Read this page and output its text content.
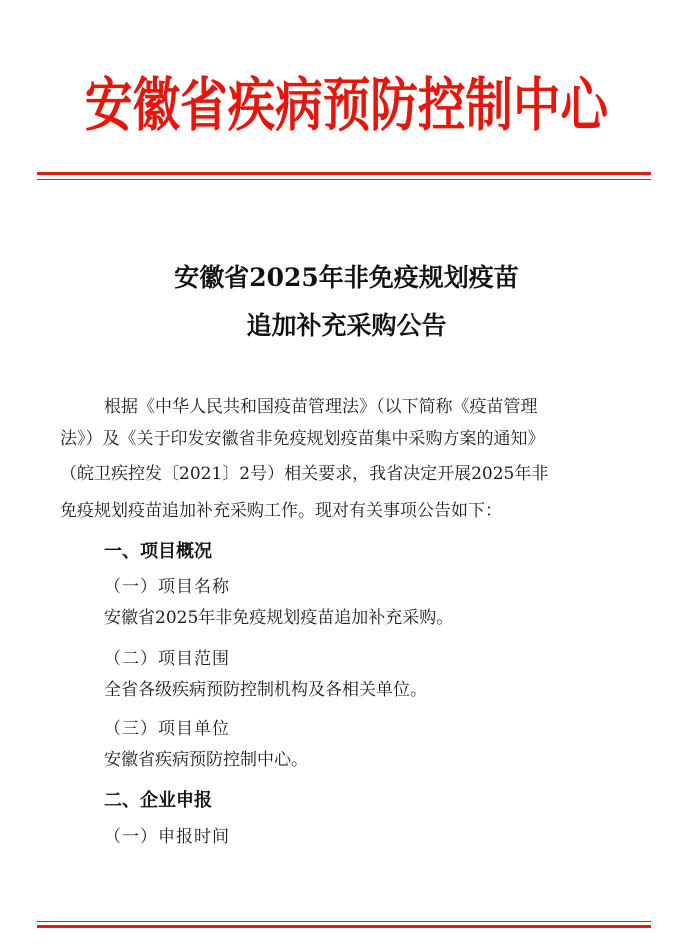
安徽省疾病预防控制中心
安徽省2025年非免疫规划疫苗
追加补充采购公告
根据《中华人民共和国疫苗管理法》（以下简称《疫苗管理
法》）及《关于印发安徽省非免疫规划疫苗集中采购方案的通知》
（皖卫疾控发〔2021〕2号）相关要求，我省决定开展2025年非
免疫规划疫苗追加补充采购工作。现对有关事项公告如下：
一、项目概况
（一）项目名称
安徽省2025年非免疫规划疫苗追加补充采购。
（二）项目范围
全省各级疾病预防控制机构及各相关单位。
（三）项目单位
安徽省疾病预防控制中心。
二、企业申报
（一）申报时间
